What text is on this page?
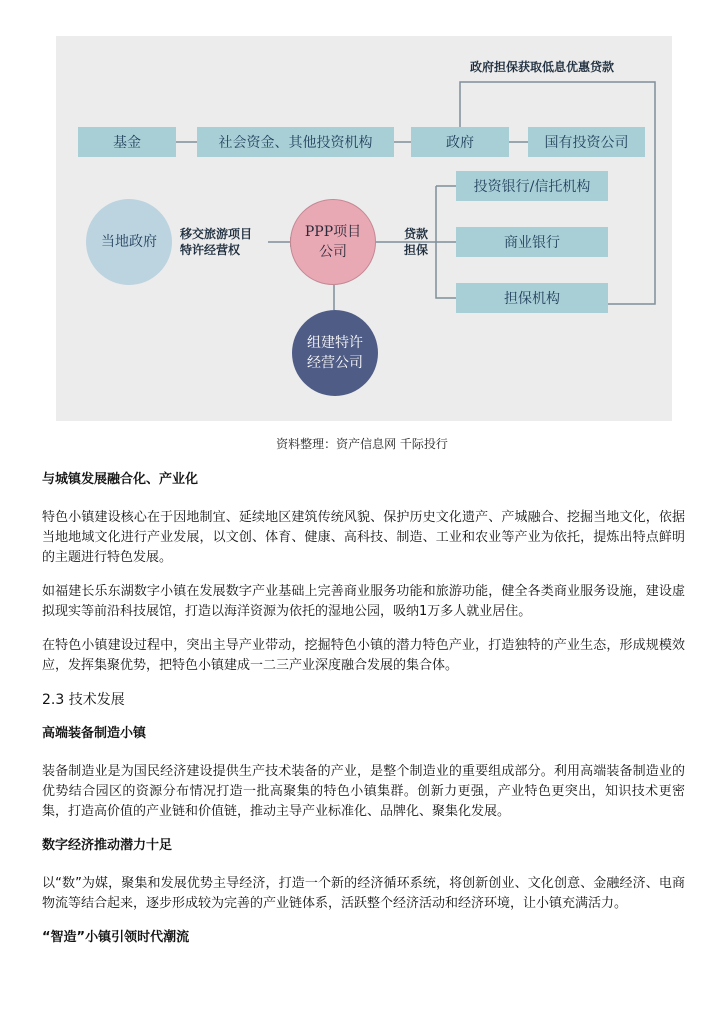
政府担保获取低息优惠贷款
基金	社会资金、其他投资机构	政府	国有投资公司
投资银行/信托机构
商业银行
担保机构
当地政府
PPP项目
公司
组建特许
经营公司
移交旅游项目
特许经营权
贷款
担保
资料整理：资产信息网 千际投行
与城镇发展融合化、产业化
特色小镇建设核心在于因地制宜、延续地区建筑传统风貌、保护历史文化遗产、产城融合、挖掘当地文化，依据当地地域文化进行产业发展，以文创、体育、健康、高科技、制造、工业和农业等产业为依托，提炼出特点鲜明的主题进行特色发展。
如福建长乐东湖数字小镇在发展数字产业基础上完善商业服务功能和旅游功能，健全各类商业服务设施，建设虚拟现实等前沿科技展馆，打造以海洋资源为依托的湿地公园，吸纳1万多人就业居住。
在特色小镇建设过程中，突出主导产业带动，挖掘特色小镇的潜力特色产业，打造独特的产业生态，形成规模效应，发挥集聚优势，把特色小镇建成一二三产业深度融合发展的集合体。
2.3 技术发展
高端装备制造小镇
装备制造业是为国民经济建设提供生产技术装备的产业，是整个制造业的重要组成部分。利用高端装备制造业的优势结合园区的资源分布情况打造一批高聚集的特色小镇集群。创新力更强，产业特色更突出，知识技术更密集，打造高价值的产业链和价值链，推动主导产业标准化、品牌化、聚集化发展。
数字经济推动潜力十足
以“数”为媒，聚集和发展优势主导经济，打造一个新的经济循环系统，将创新创业、文化创意、金融经济、电商物流等结合起来，逐步形成较为完善的产业链体系，活跃整个经济活动和经济环境，让小镇充满活力。
“智造”小镇引领时代潮流
